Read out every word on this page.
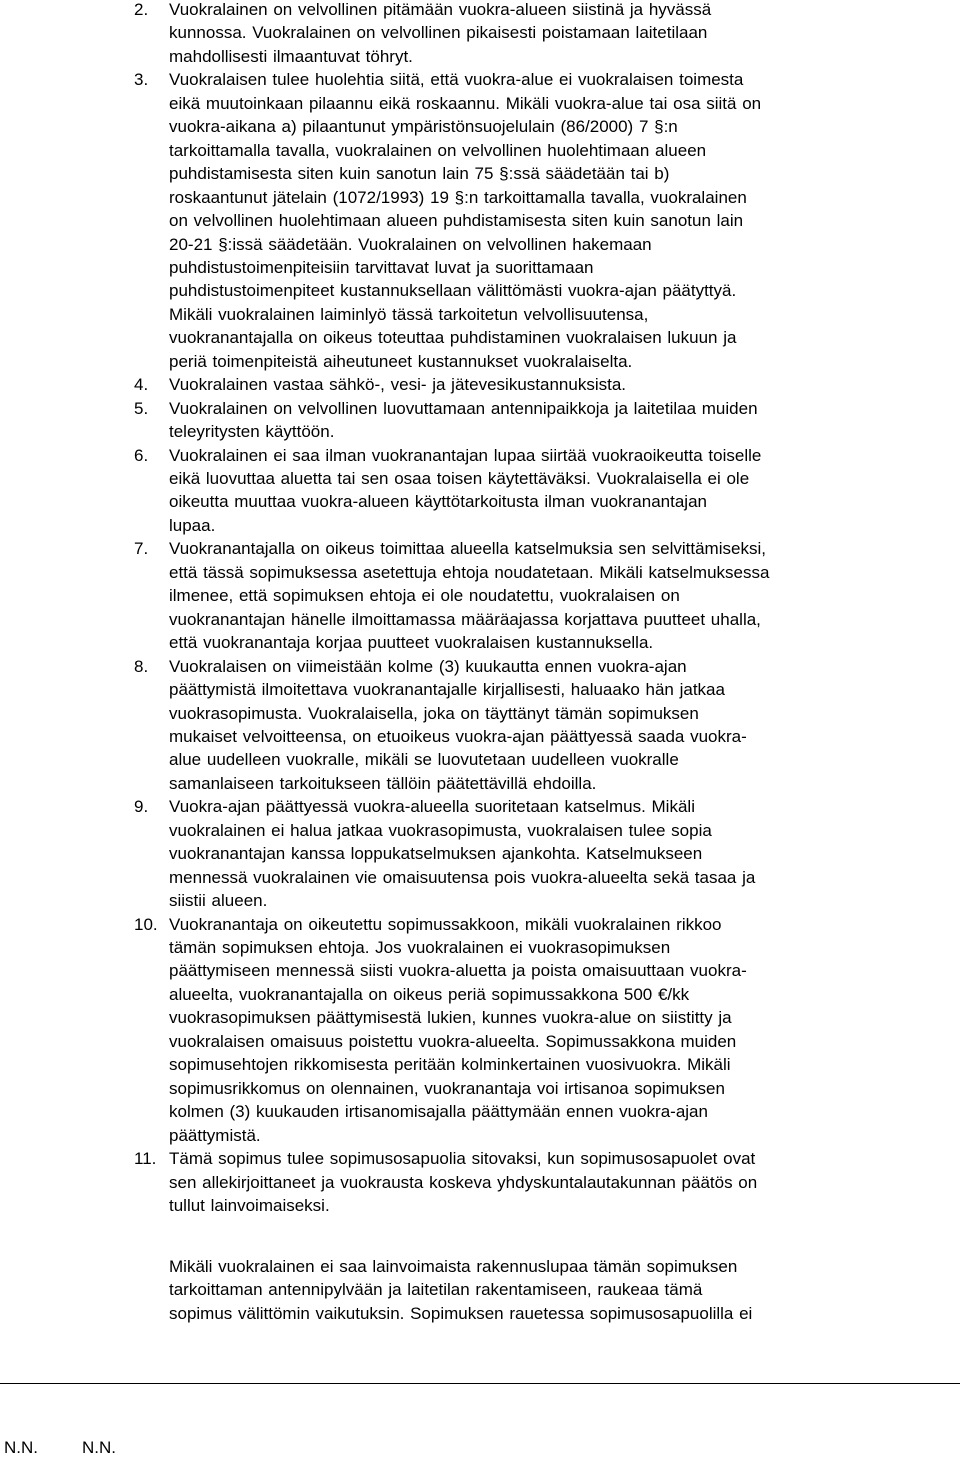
2. Vuokralainen on velvollinen pitämään vuokra-alueen siistinä ja hyvässä
kunnossa. Vuokralainen on velvollinen pikaisesti poistamaan laitetilaan
mahdollisesti ilmaantuvat töhryt.
3. Vuokralaisen tulee huolehtia siitä, että vuokra-alue ei vuokralaisen toimesta
eikä muutoinkaan pilaannu eikä roskaannu. Mikäli vuokra-alue tai osa siitä on
vuokra-aikana a) pilaantunut ympäristönsuojelulain (86/2000) 7 §:n
tarkoittamalla tavalla, vuokralainen on velvollinen huolehtimaan alueen
puhdistamisesta siten kuin sanotun lain 75 §:ssä säädetään tai b)
roskaantunut jätelain (1072/1993) 19 §:n tarkoittamalla tavalla, vuokralainen
on velvollinen huolehtimaan alueen puhdistamisesta siten kuin sanotun lain
20-21 §:issä säädetään. Vuokralainen on velvollinen hakemaan
puhdistustoimenpiteisiin tarvittavat luvat ja suorittamaan
puhdistustoimenpiteet kustannuksellaan välittömästi vuokra-ajan päätyttyä.
Mikäli vuokralainen laiminlyö tässä tarkoitetun velvollisuutensa,
vuokranantajalla on oikeus toteuttaa puhdistaminen vuokralaisen lukuun ja
periä toimenpiteistä aiheutuneet kustannukset vuokralaiselta.
4. Vuokralainen vastaa sähkö-, vesi- ja jätevesikustannuksista.
5. Vuokralainen on velvollinen luovuttamaan antennipaikkoja ja laitetilaa muiden
teleyritysten käyttöön.
6. Vuokralainen ei saa ilman vuokranantajan lupaa siirtää vuokraoikeutta toiselle
eikä luovuttaa aluetta tai sen osaa toisen käytettäväksi. Vuokralaisella ei ole
oikeutta muuttaa vuokra-alueen käyttötarkoitusta ilman vuokranantajan
lupaa.
7. Vuokranantajalla on oikeus toimittaa alueella katselmuksia sen selvittämiseksi,
että tässä sopimuksessa asetettuja ehtoja noudatetaan. Mikäli katselmuksessa
ilmenee, että sopimuksen ehtoja ei ole noudatettu, vuokralaisen on
vuokranantajan hänelle ilmoittamassa määräajassa korjattava puutteet uhalla,
että vuokranantaja korjaa puutteet vuokralaisen kustannuksella.
8. Vuokralaisen on viimeistään kolme (3) kuukautta ennen vuokra-ajan
päättymistä ilmoitettava vuokranantajalle kirjallisesti, haluaako hän jatkaa
vuokrasopimusta. Vuokralaisella, joka on täyttänyt tämän sopimuksen
mukaiset velvoitteensa, on etuoikeus vuokra-ajan päättyessä saada vuokra-
alue uudelleen vuokralle, mikäli se luovutetaan uudelleen vuokralle
samanlaiseen tarkoitukseen tällöin päätettävillä ehdoilla.
9. Vuokra-ajan päättyessä vuokra-alueella suoritetaan katselmus. Mikäli
vuokralainen ei halua jatkaa vuokrasopimusta, vuokralaisen tulee sopia
vuokranantajan kanssa loppukatselmuksen ajankohta. Katselmukseen
mennessä vuokralainen vie omaisuutensa pois vuokra-alueelta sekä tasaa ja
siistii alueen.
10. Vuokranantaja on oikeutettu sopimussakkoon, mikäli vuokralainen rikkoo
tämän sopimuksen ehtoja. Jos vuokralainen ei vuokrasopimuksen
päättymiseen mennessä siisti vuokra-aluetta ja poista omaisuuttaan vuokra-
alueelta, vuokranantajalla on oikeus periä sopimussakkona 500 €/kk
vuokrasopimuksen päättymisestä lukien, kunnes vuokra-alue on siistitty ja
vuokralaisen omaisuus poistettu vuokra-alueelta. Sopimussakkona muiden
sopimusehtojen rikkomisesta peritään kolminkertainen vuosivuokra. Mikäli
sopimusrikkomus on olennainen, vuokranantaja voi irtisanoa sopimuksen
kolmen (3) kuukauden irtisanomisajalla päättymään ennen vuokra-ajan
päättymistä.
11. Tämä sopimus tulee sopimusosapuolia sitovaksi, kun sopimusosapuolet ovat
sen allekirjoittaneet ja vuokrausta koskeva yhdyskuntalautakunnan päätös on
tullut lainvoimaiseksi.
Mikäli vuokralainen ei saa lainvoimaista rakennuslupaa tämän sopimuksen
tarkoittaman antennipylvään ja laitetilan rakentamiseen, raukeaa tämä
sopimus välittömin vaikutuksin. Sopimuksen rauetessa sopimusosapuolilla ei
N.N.	N.N.
